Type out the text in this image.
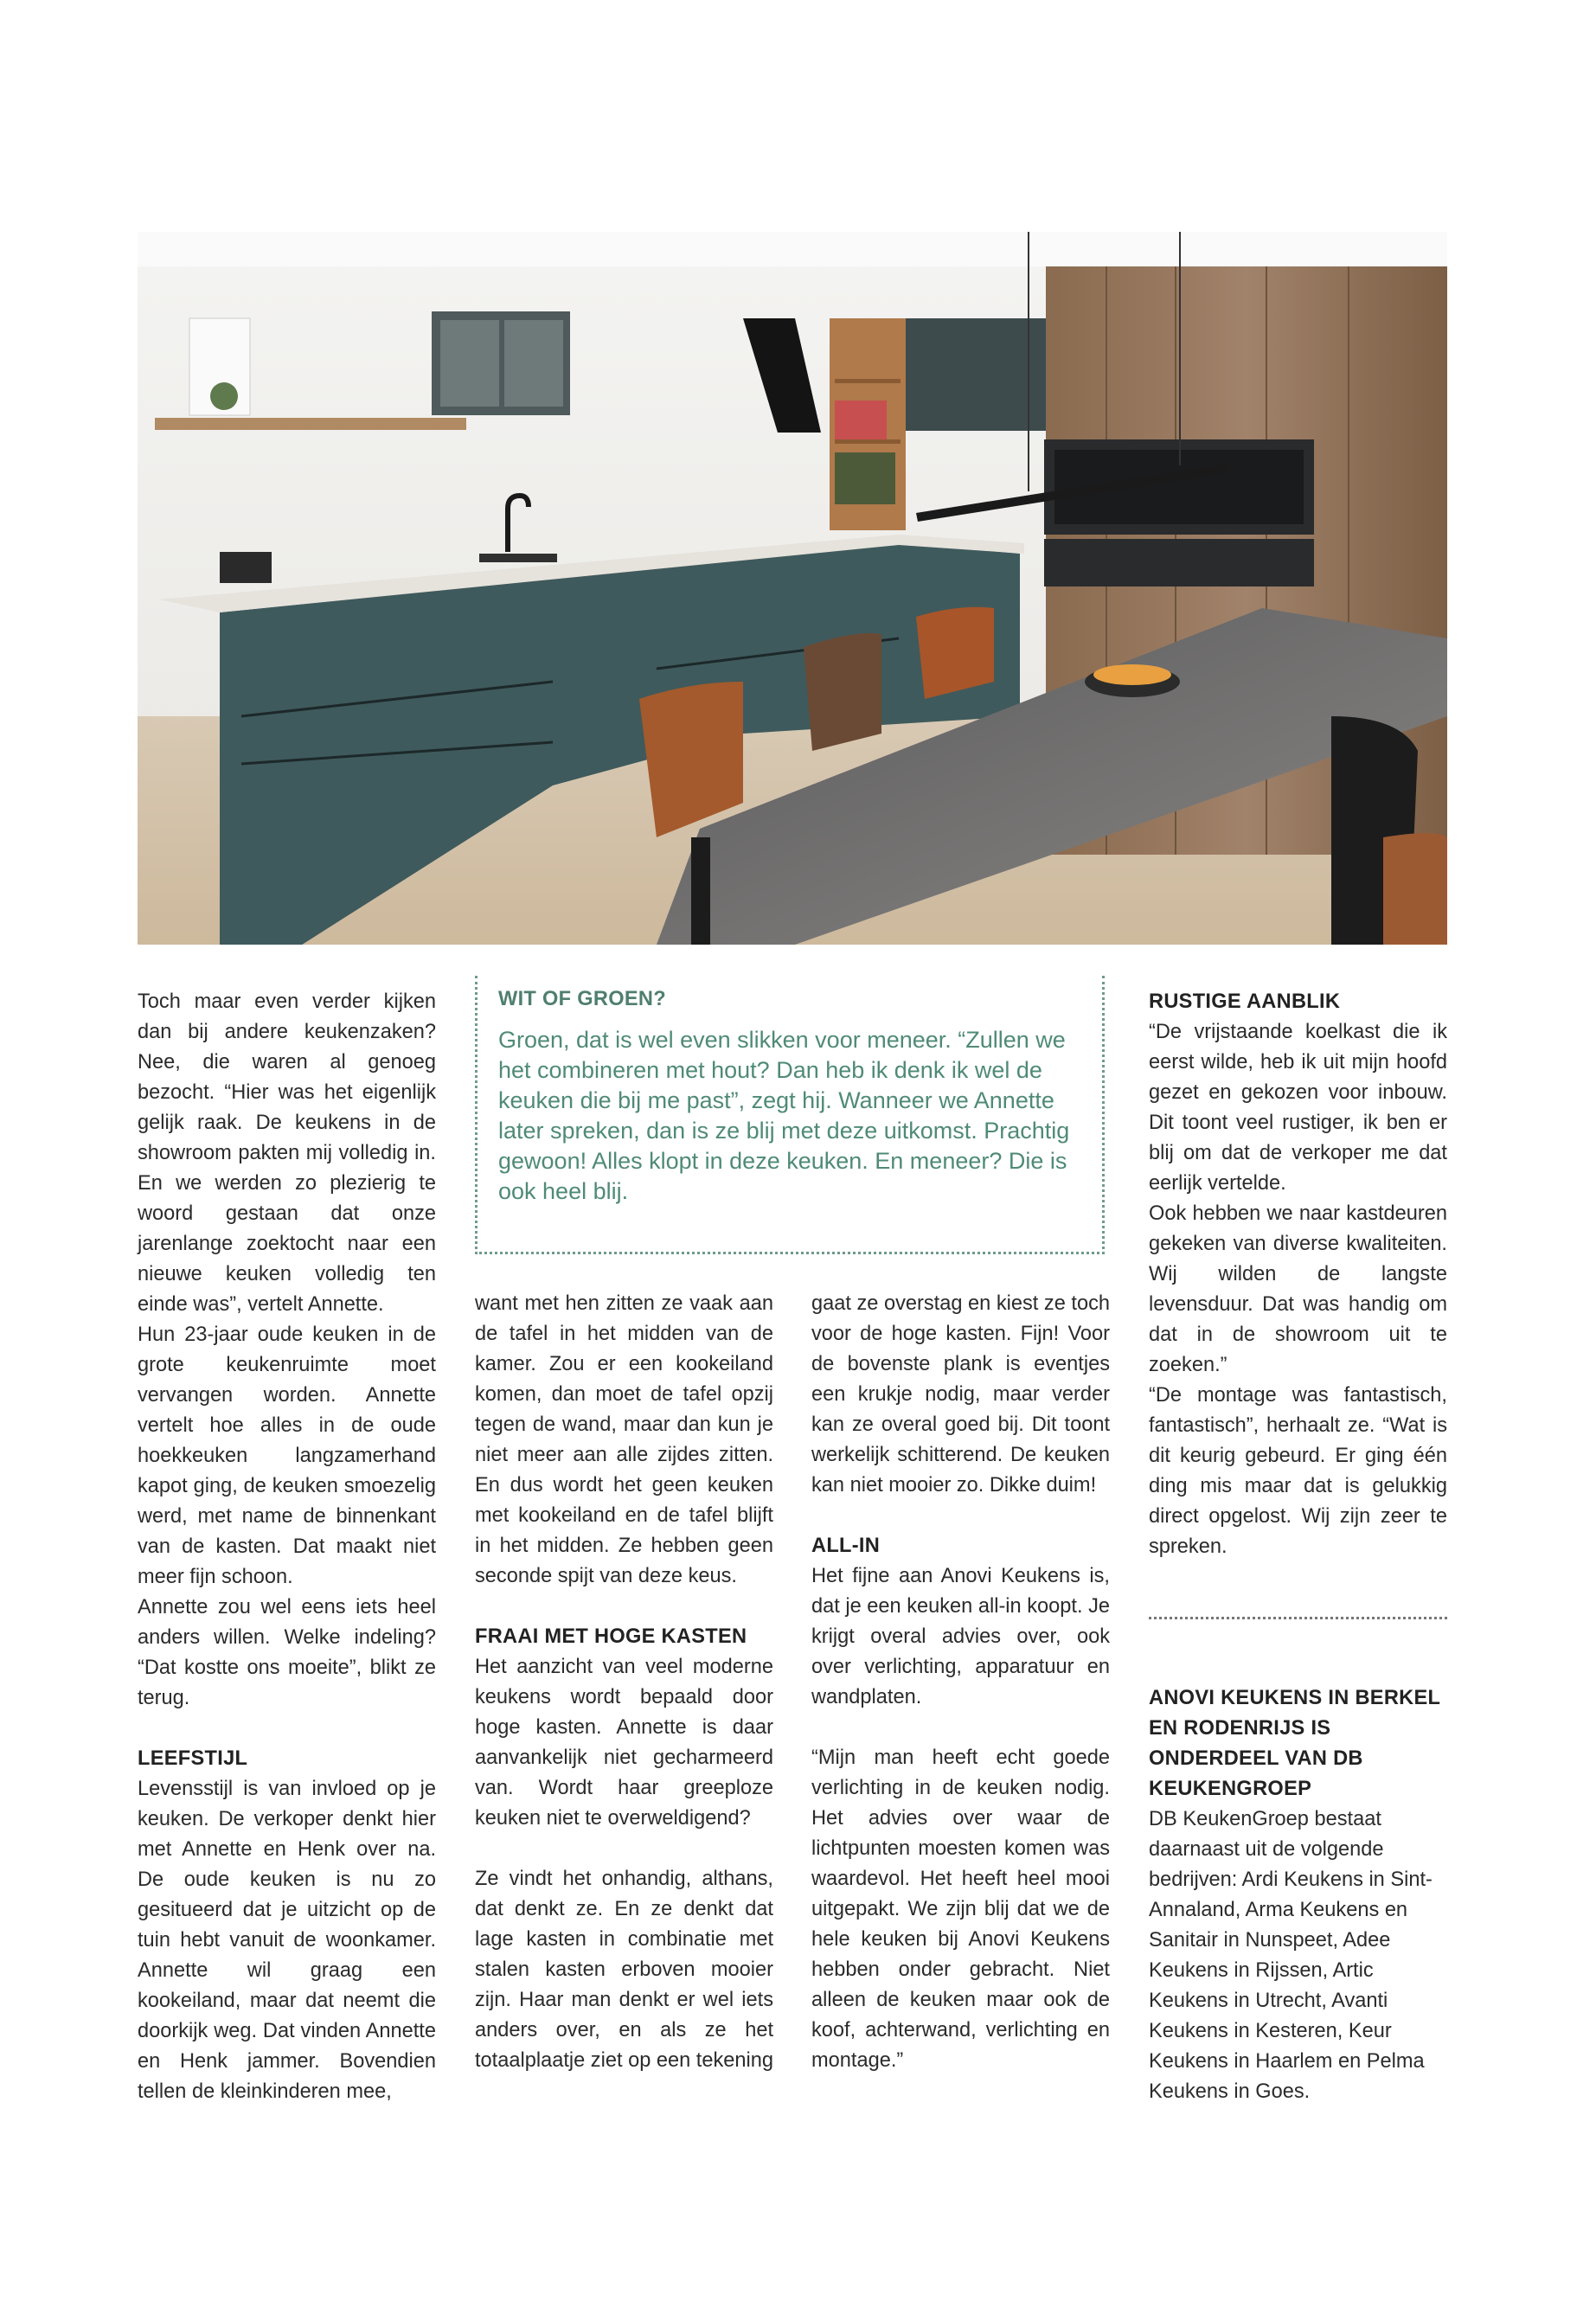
Toch maar even verder kijken dan bij andere keukenzaken? Nee, die waren al genoeg bezocht. “Hier was het eigenlijk gelijk raak. De keukens in de showroom pakten mij volledig in. En we werden zo plezierig te woord gestaan dat onze jarenlange zoektocht naar een nieuwe keuken volledig ten einde was”, vertelt Annette.

Hun 23-jaar oude keuken in de grote keukenruimte moet vervangen worden. Annette vertelt hoe alles in de oude hoekkeuken langzamerhand kapot ging, de keuken smoezelig werd, met name de binnenkant van de kasten. Dat maakt niet meer fijn schoon.

Annette zou wel eens iets heel anders willen. Welke indeling? “Dat kostte ons moeite”, blikt ze terug.

LEEFSTIJL

Levensstijl is van invloed op je keuken. De verkoper denkt hier met Annette en Henk over na. De oude keuken is nu zo gesitueerd dat je uitzicht op de tuin hebt vanuit de woonkamer. Annette wil graag een kookeiland, maar dat neemt die doorkijk weg. Dat vinden Annette en Henk jammer. Bovendien tellen de kleinkinderen mee,

WIT OF GROEN?

Groen, dat is wel even slikken voor meneer. “Zullen we het combineren met hout? Dan heb ik denk ik wel de keuken die bij me past”, zegt hij. Wanneer we Annette later spreken, dan is ze blij met deze uitkomst. Prachtig gewoon! Alles klopt in deze keuken. En meneer? Die is ook heel blij.

want met hen zitten ze vaak aan de tafel in het midden van de kamer. Zou er een kookeiland komen, dan moet de tafel opzij tegen de wand, maar dan kun je niet meer aan alle zijdes zitten. En dus wordt het geen keuken met kookeiland en de tafel blijft in het midden. Ze hebben geen seconde spijt van deze keus.

FRAAI MET HOGE KASTEN

Het aanzicht van veel moderne keukens wordt bepaald door hoge kasten. Annette is daar aanvankelijk niet gecharmeerd van. Wordt haar greeploze keuken niet te overweldigend?

Ze vindt het onhandig, althans, dat denkt ze. En ze denkt dat lage kasten in combinatie met stalen kasten erboven mooier zijn. Haar man denkt er wel iets anders over, en als ze het totaalplaatje ziet op een tekening

gaat ze overstag en kiest ze toch voor de hoge kasten. Fijn! Voor de bovenste plank is eventjes een krukje nodig, maar verder kan ze overal goed bij. Dit toont werkelijk schitterend. De keuken kan niet mooier zo. Dikke duim!

ALL-IN

Het fijne aan Anovi Keukens is, dat je een keuken all-in koopt. Je krijgt overal advies over, ook over verlichting, apparatuur en wandplaten.

“Mijn man heeft echt goede verlichting in de keuken nodig. Het advies over waar de lichtpunten moesten komen was waardevol. Het heeft heel mooi uitgepakt. We zijn blij dat we de hele keuken bij Anovi Keukens hebben onder gebracht. Niet alleen de keuken maar ook de koof, achterwand, verlichting en montage.”

RUSTIGE AANBLIK

“De vrijstaande koelkast die ik eerst wilde, heb ik uit mijn hoofd gezet en gekozen voor inbouw. Dit toont veel rustiger, ik ben er blij om dat de verkoper me dat eerlijk vertelde.

Ook hebben we naar kastdeuren gekeken van diverse kwaliteiten. Wij wilden de langste levensduur. Dat was handig om dat in de showroom uit te zoeken.”

“De montage was fantastisch, fantastisch”, herhaalt ze. “Wat is dit keurig gebeurd. Er ging één ding mis maar dat is gelukkig direct opgelost. Wij zijn zeer te spreken.

ANOVI KEUKENS IN BERKEL EN RODENRIJS IS ONDERDEEL VAN DB KEUKENGROEP

DB KeukenGroep bestaat daarnaast uit de volgende bedrijven: Ardi Keukens in Sint-Annaland, Arma Keukens en Sanitair in Nunspeet, Adee Keukens in Rijssen, Artic Keukens in Utrecht, Avanti Keukens in Kesteren, Keur Keukens in Haarlem en Pelma Keukens in Goes.
